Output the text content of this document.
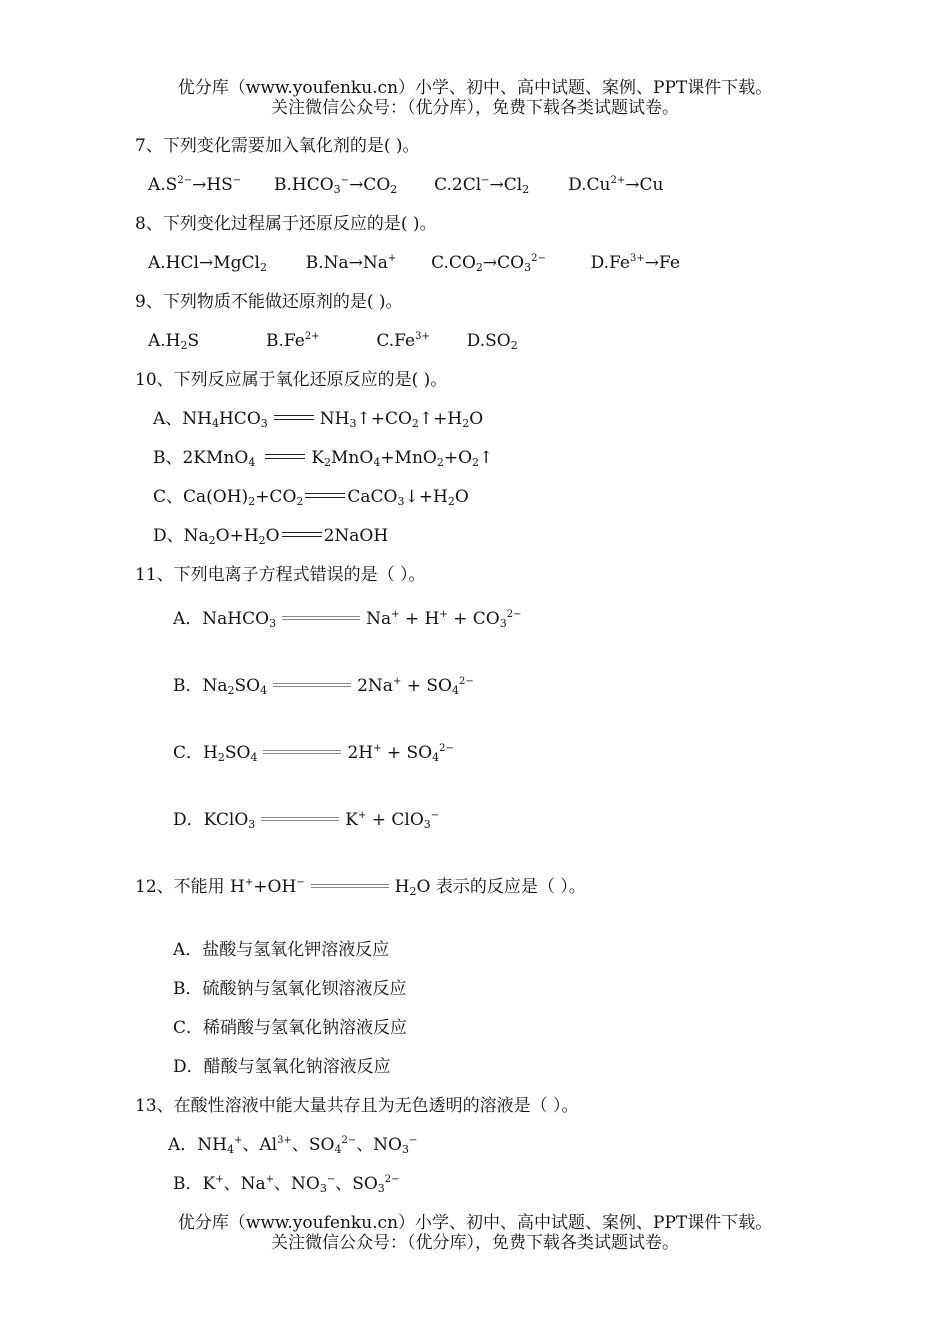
优分库（www.youfenku.cn）小学、初中、高中试题、案例、PPT课件下载。
关注微信公众号：（优分库），免费下载各类试题试卷。
7、下列变化需要加入氧化剂的是( )。
$A.S^{2-}\to HS^-$ $B.HCO_3^-\to CO_2$ $C.2Cl^-\to Cl_2$ $D.Cu^{2+}\to Cu$
8、下列变化过程属于还原反应的是( )。
A.HCl→MgCl$_2$ B.Na→Na+ $C.CO_2\to CO_3^{2-}$	$D.Fe^{3+}\to Fe$
9、下列物质不能做还原剂的是( )。
$A.H_2S$	$B.Fe^{2+}$	$C.Fe^{3+}$ $D.SO_2$
10、下列反应属于氧化还原反应的是( )。
A、$NH_4HCO_3$	$NH_3↑+CO_2↑+H_2O$
B、2KMnO$_4$	$K_2MnO_4+MnO_2+O_2↑$
C、$Ca(OH)_2+CO_2$	$CaCO_3↓+H_2O$
D、$Na_2O+H_2O$	2NaOH
11、下列电离子方程式错误的是（ ）。
A．NaHCO$_3$	$Na^+ + H^+ + CO_3^{2-}$
B．$Na_2SO_4$	$2Na^+ + SO_4^{2-}$
C．$H_2SO_4$	$2H^+ + SO_4^{2-}$
D．KClO$_3$	K+ + ClO$_3$−
12、不能用 H++OH−	$H_2O$ 表示的反应是（ ）。
A．盐酸与氢氧化钾溶液反应
B．硫酸钠与氢氧化钡溶液反应
C．稀硝酸与氢氧化钠溶液反应
D．醋酸与氢氧化钠溶液反应
13、在酸性溶液中能大量共存且为无色透明的溶液是（ ）。
A．$NH_4^+$、$Al^{3+}$、$SO_4^{2-}$、$NO_3^-$
B．K+、Na+、$NO_3^-$、$SO_3^{2-}$
优分库（www.youfenku.cn）小学、初中、高中试题、案例、PPT课件下载。
关注微信公众号：（优分库），免费下载各类试题试卷。
